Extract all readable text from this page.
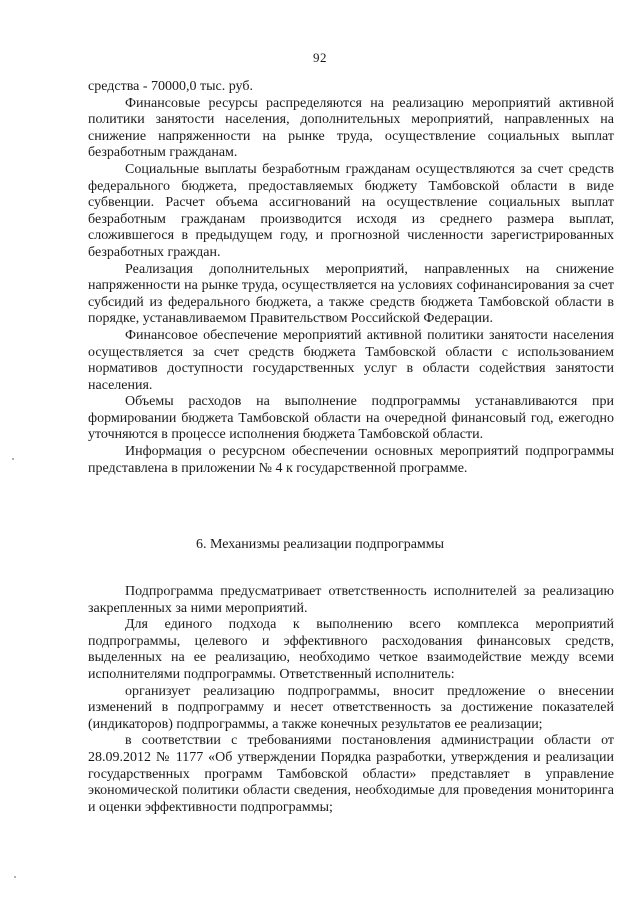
92

средства - 70000,0 тыс. руб.

Финансовые ресурсы распределяются на реализацию мероприятий активной политики занятости населения, дополнительных мероприятий, направленных на снижение напряженности на рынке труда, осуществление социальных выплат безработным гражданам.

Социальные выплаты безработным гражданам осуществляются за счет средств федерального бюджета, предоставляемых бюджету Тамбовской области в виде субвенции. Расчет объема ассигнований на осуществление социальных выплат безработным гражданам производится исходя из среднего размера выплат, сложившегося в предыдущем году, и прогнозной численности зарегистрированных безработных граждан.

Реализация дополнительных мероприятий, направленных на снижение напряженности на рынке труда, осуществляется на условиях софинансирования за счет субсидий из федерального бюджета, а также средств бюджета Тамбовской области в порядке, устанавливаемом Правительством Российской Федерации.

Финансовое обеспечение мероприятий активной политики занятости населения осуществляется за счет средств бюджета Тамбовской области с использованием нормативов доступности государственных услуг в области содействия занятости населения.

Объемы расходов на выполнение подпрограммы устанавливаются при формировании бюджета Тамбовской области на очередной финансовый год, ежегодно уточняются в процессе исполнения бюджета Тамбовской области.

Информация о ресурсном обеспечении основных мероприятий подпрограммы представлена в приложении № 4 к государственной программе.

6. Механизмы реализации подпрограммы

Подпрограмма предусматривает ответственность исполнителей за реализацию закрепленных за ними мероприятий.

Для единого подхода к выполнению всего комплекса мероприятий подпрограммы, целевого и эффективного расходования финансовых средств, выделенных на ее реализацию, необходимо четкое взаимодействие между всеми исполнителями подпрограммы. Ответственный исполнитель:

организует реализацию подпрограммы, вносит предложение о внесении изменений в подпрограмму и несет ответственность за достижение показателей (индикаторов) подпрограммы, а также конечных результатов ее реализации;

в соответствии с требованиями постановления администрации области от 28.09.2012 № 1177 «Об утверждении Порядка разработки, утверждения и реализации государственных программ Тамбовской области» представляет в управление экономической политики области сведения, необходимые для проведения мониторинга и оценки эффективности подпрограммы;
